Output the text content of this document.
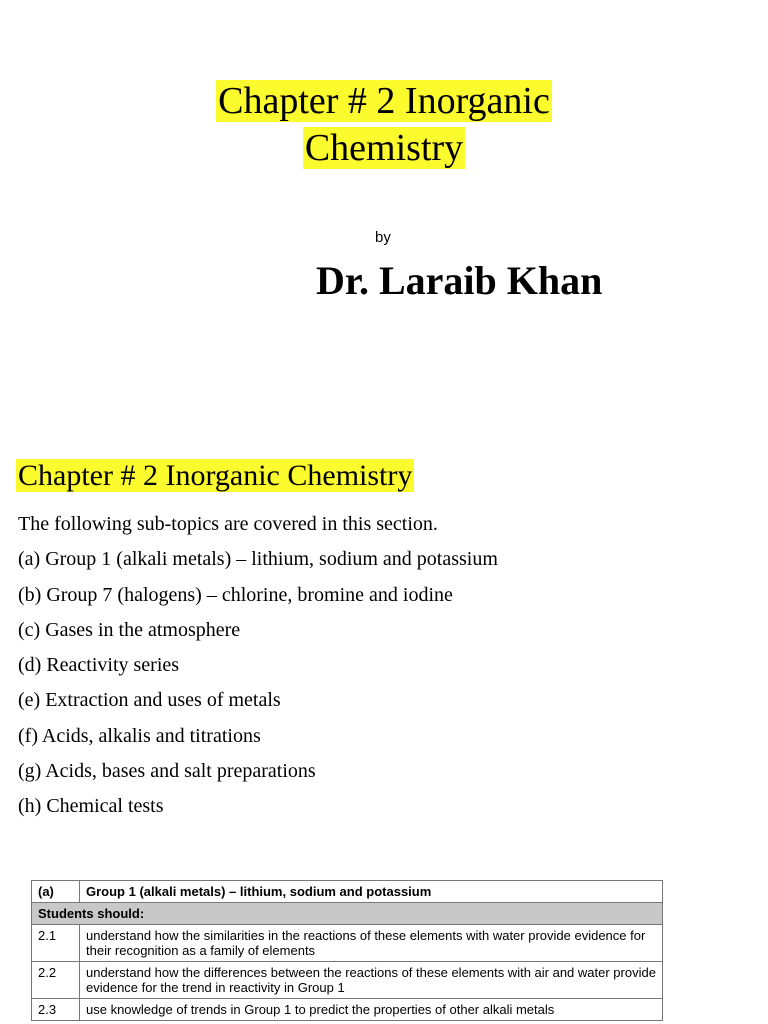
Chapter # 2 Inorganic
Chemistry
by
Dr. Laraib Khan
Chapter # 2 Inorganic Chemistry
The following sub-topics are covered in this section.
(a) Group 1 (alkali metals) – lithium, sodium and potassium
(b) Group 7 (halogens) – chlorine, bromine and iodine
(c) Gases in the atmosphere
(d) Reactivity series
(e) Extraction and uses of metals
(f) Acids, alkalis and titrations
(g) Acids, bases and salt preparations
(h) Chemical tests
(a)	Group 1 (alkali metals) – lithium, sodium and potassium
Students should:	
2.1	understand how the similarities in the reactions of these elements with water provide evidence for their recognition as a family of elements
2.2	understand how the differences between the reactions of these elements with air and water provide evidence for the trend in reactivity in Group 1
2.3	use knowledge of trends in Group 1 to predict the properties of other alkali metals
